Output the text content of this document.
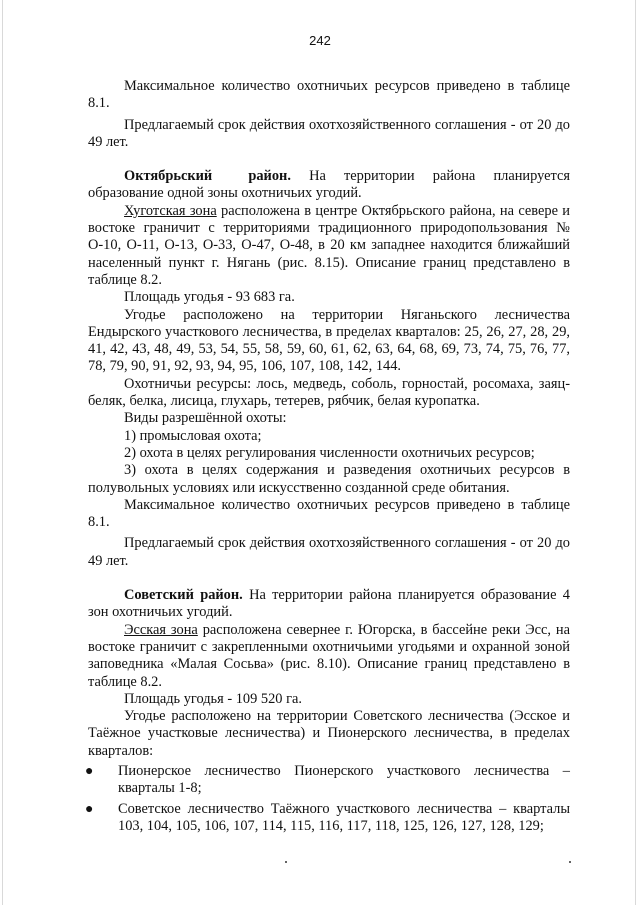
242

Максимальное количество охотничьих ресурсов приведено в таблице 8.1.

Предлагаемый срок действия охотхозяйственного соглашения - от 20 до 49 лет.

Октябрьский район. На территории района планируется образование одной зоны охотничьих угодий.

Хуготская зона расположена в центре Октябрьского района, на севере и востоке граничит с территориями традиционного природопользования № О-10, О-11, О-13, О-33, О-47, О-48, в 20 км западнее находится ближайший населенный пункт г. Нягань (рис. 8.15). Описание границ представлено в таблице 8.2.

Площадь угодья - 93 683 га.

Угодье расположено на территории Няганьского лесничества Ендырского участкового лесничества, в пределах кварталов: 25, 26, 27, 28, 29, 41, 42, 43, 48, 49, 53, 54, 55, 58, 59, 60, 61, 62, 63, 64, 68, 69, 73, 74, 75, 76, 77, 78, 79, 90, 91, 92, 93, 94, 95, 106, 107, 108, 142, 144.

Охотничьи ресурсы: лось, медведь, соболь, горностай, росомаха, заяц-беляк, белка, лисица, глухарь, тетерев, рябчик, белая куропатка.

Виды разрешённой охоты:

1) промысловая охота;

2) охота в целях регулирования численности охотничьих ресурсов;

3) охота в целях содержания и разведения охотничьих ресурсов в полувольных условиях или искусственно созданной среде обитания.

Максимальное количество охотничьих ресурсов приведено в таблице 8.1.

Предлагаемый срок действия охотхозяйственного соглашения - от 20 до 49 лет.

Советский район. На территории района планируется образование 4 зон охотничьих угодий.

Эсская зона расположена севернее г. Югорска, в бассейне реки Эсс, на востоке граничит с закрепленными охотничьими угодьями и охранной зоной заповедника «Малая Сосьва» (рис. 8.10). Описание границ представлено в таблице 8.2.

Площадь угодья - 109 520 га.

Угодье расположено на территории Советского лесничества (Эсское и Таёжное участковые лесничества) и Пионерского лесничества, в пределах кварталов:

● Пионерское лесничество Пионерского участкового лесничества – кварталы 1-8;
● Советское лесничество Таёжного участкового лесничества – кварталы 103, 104, 105, 106, 107, 114, 115, 116, 117, 118, 125, 126, 127, 128, 129;
